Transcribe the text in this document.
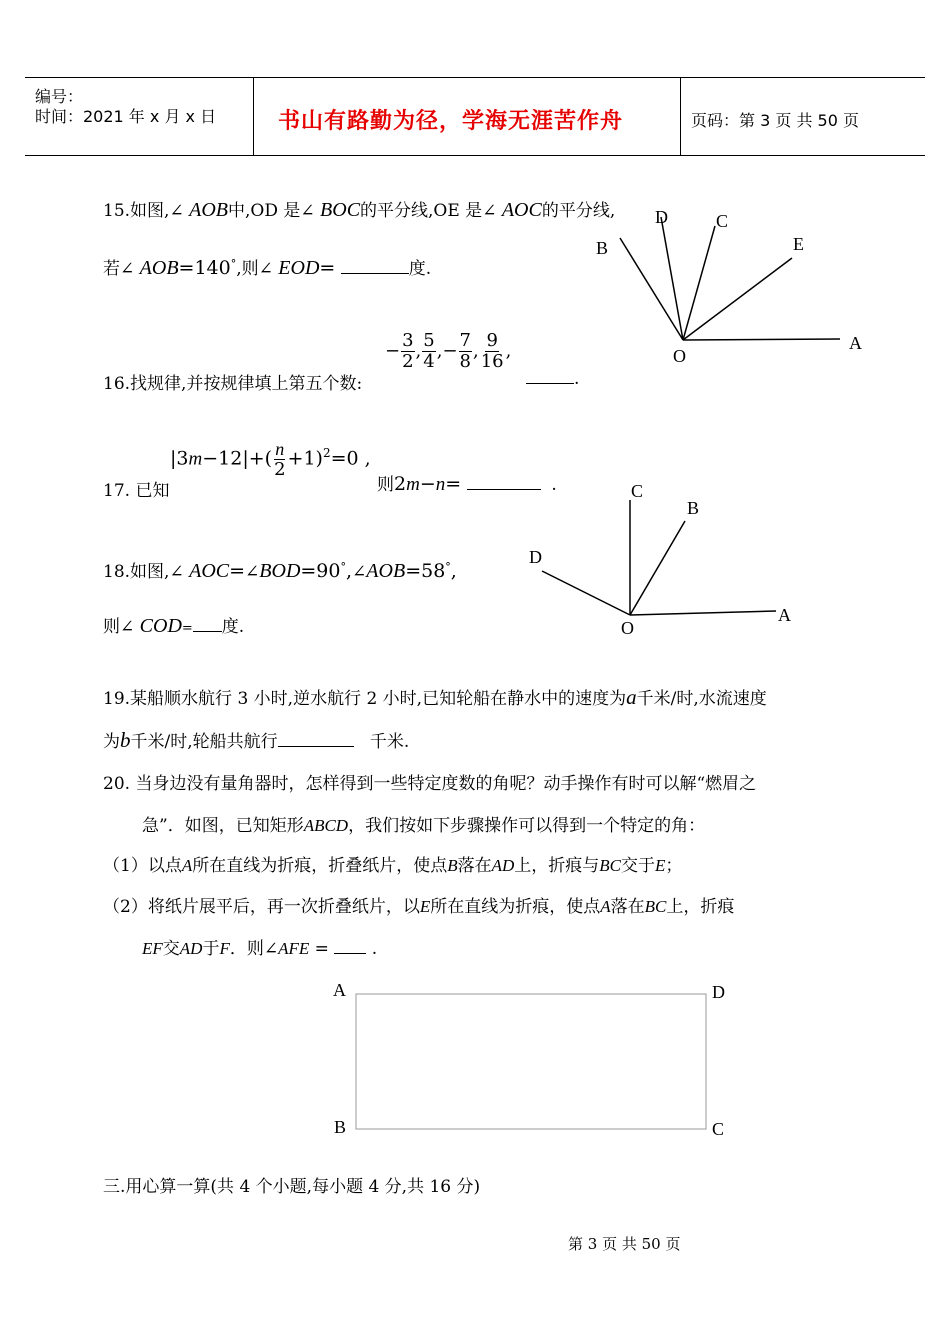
编号：
时间：2021 年 x 月 x 日	书山有路勤为径，学海无涯苦作舟	页码：第 3 页 共 50 页
15.如图,∠ AOB中,OD 是∠ BOC的平分线,OE 是∠ AOC的平分线,
若∠ AOB=140°,则∠ EOD=	度.
D	C
B	E
A
O
16.找规律,并按规律填上第五个数:
− $\frac{3}{2}$ , $\frac{5}{4}$ ,− $\frac{7}{8}$ , $\frac{9}{16}$ ,
.
17. 已知
$|3m-12|+( \frac{n}{2} +1)^2=0$ ,
则2m−n=	.
18.如图,∠ AOC=∠BOD=90°,∠AOB=58°,
则∠ COD= 度.
C
B
D
A
O
19.某船顺水航行 3 小时,逆水航行 2 小时,已知轮船在静水中的速度为a千米/时,水流速度
为b千米/时,轮船共航行	千米.
20. 当身边没有量角器时，怎样得到一些特定度数的角呢？动手操作有时可以解“燃眉之
急”．如图，已知矩形ABCD，我们按如下步骤操作可以得到一个特定的角：
（1）以点A所在直线为折痕，折叠纸片，使点B落在AD上，折痕与BC交于E；
（2）将纸片展平后，再一次折叠纸片，以E所在直线为折痕，使点A落在BC上，折痕
EF交AD于F．则∠AFE =	.
A	D
B	C
三.用心算一算(共 4 个小题,每小题 4 分,共 16 分)
第 3 页 共 50 页
